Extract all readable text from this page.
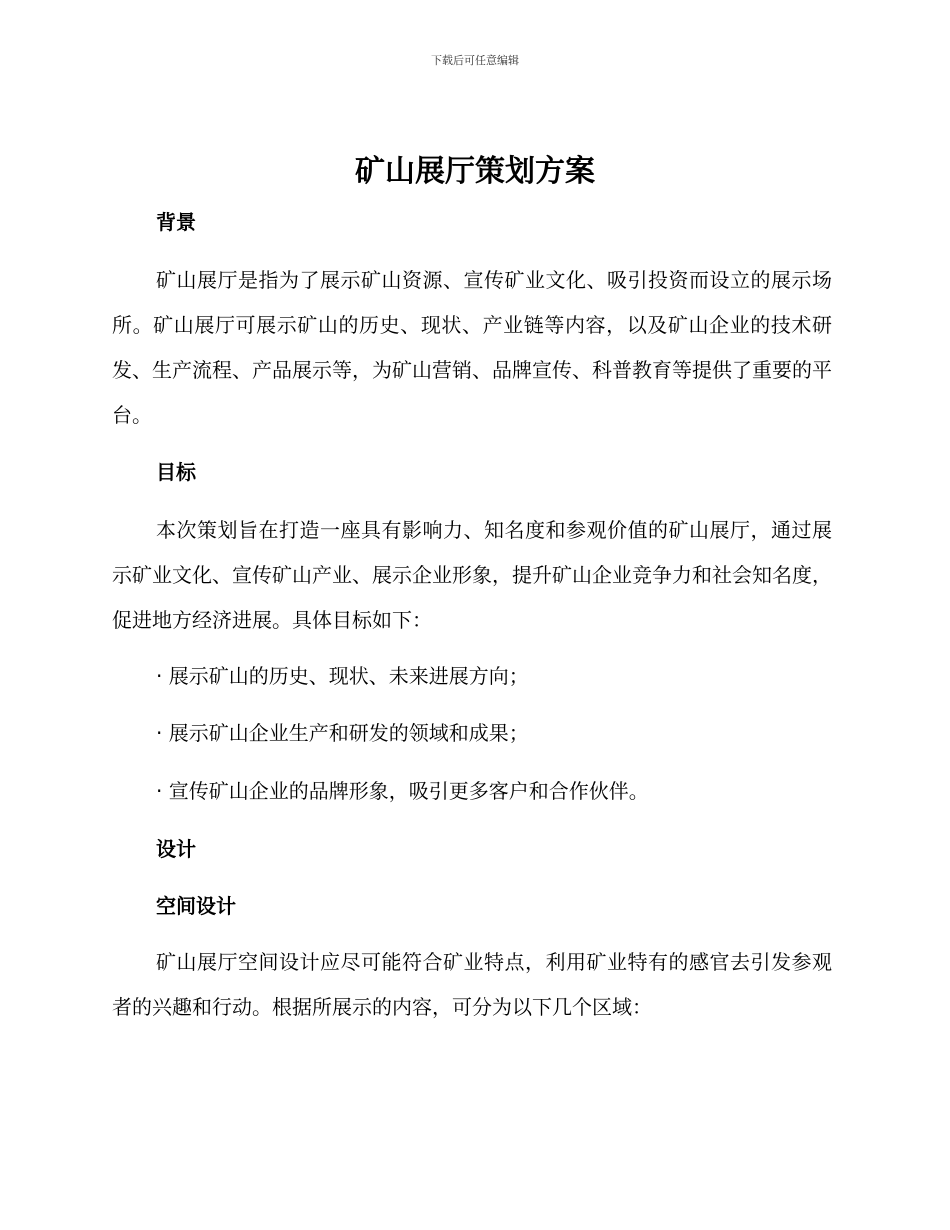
下载后可任意编辑
矿山展厅策划方案
背景

矿山展厅是指为了展示矿山资源、宣传矿业文化、吸引投资而设立的展示场所。矿山展厅可展示矿山的历史、现状、产业链等内容，以及矿山企业的技术研发、生产流程、产品展示等，为矿山营销、品牌宣传、科普教育等提供了重要的平台。

目标

本次策划旨在打造一座具有影响力、知名度和参观价值的矿山展厅，通过展示矿业文化、宣传矿山产业、展示企业形象，提升矿山企业竞争力和社会知名度，促进地方经济进展。具体目标如下：

· 展示矿山的历史、现状、未来进展方向；

· 展示矿山企业生产和研发的领域和成果；

· 宣传矿山企业的品牌形象，吸引更多客户和合作伙伴。

设计
空间设计

矿山展厅空间设计应尽可能符合矿业特点，利用矿业特有的感官去引发参观者的兴趣和行动。根据所展示的内容，可分为以下几个区域：
